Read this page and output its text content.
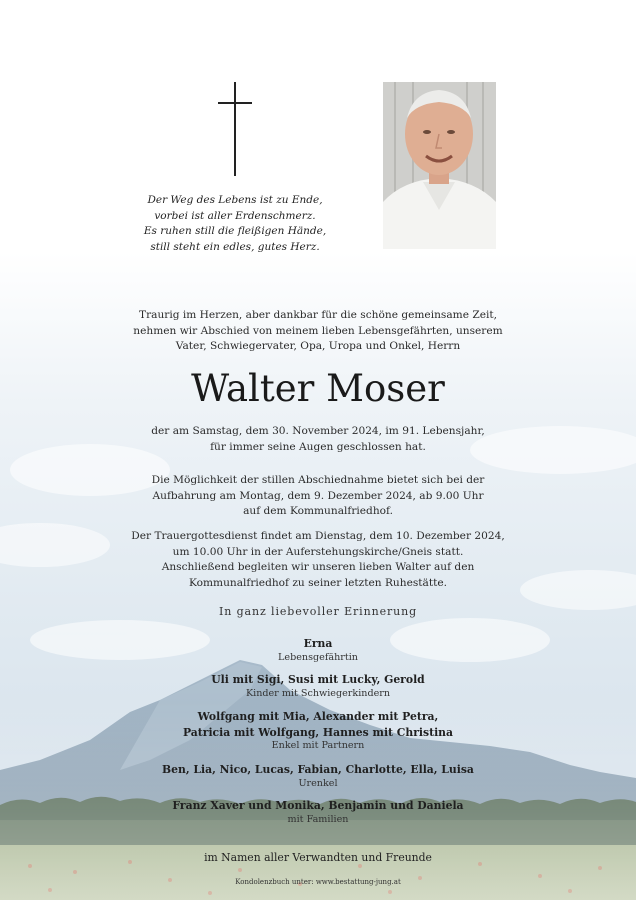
Der Weg des Lebens ist zu Ende,
vorbei ist aller Erdenschmerz.
Es ruhen still die fleißigen Hände,
still steht ein edles, gutes Herz.
Traurig im Herzen, aber dankbar für die schöne gemeinsame Zeit,
nehmen wir Abschied von meinem lieben Lebensgefährten, unserem
Vater, Schwiegervater, Opa, Uropa und Onkel, Herrn
Walter Moser
der am Samstag, dem 30. November 2024, im 91. Lebensjahr,
für immer seine Augen geschlossen hat.
Die Möglichkeit der stillen Abschiednahme bietet sich bei der
Aufbahrung am Montag, dem 9. Dezember 2024, ab 9.00 Uhr
auf dem Kommunalfriedhof.
Der Trauergottesdienst findet am Dienstag, dem 10. Dezember 2024,
um 10.00 Uhr in der Auferstehungskirche/Gneis statt.
Anschließend begleiten wir unseren lieben Walter auf den
Kommunalfriedhof zu seiner letzten Ruhestätte.
In ganz liebevoller Erinnerung
Erna
Lebensgefährtin
Uli mit Sigi, Susi mit Lucky, Gerold
Kinder mit Schwiegerkindern
Wolfgang mit Mia, Alexander mit Petra,
Patricia mit Wolfgang, Hannes mit Christina
Enkel mit Partnern
Ben, Lia, Nico, Lucas, Fabian, Charlotte, Ella, Luisa
Urenkel
Franz Xaver und Monika, Benjamin und Daniela
mit Familien
im Namen aller Verwandten und Freunde
Kondolenzbuch unter: www.bestattung-jung.at
